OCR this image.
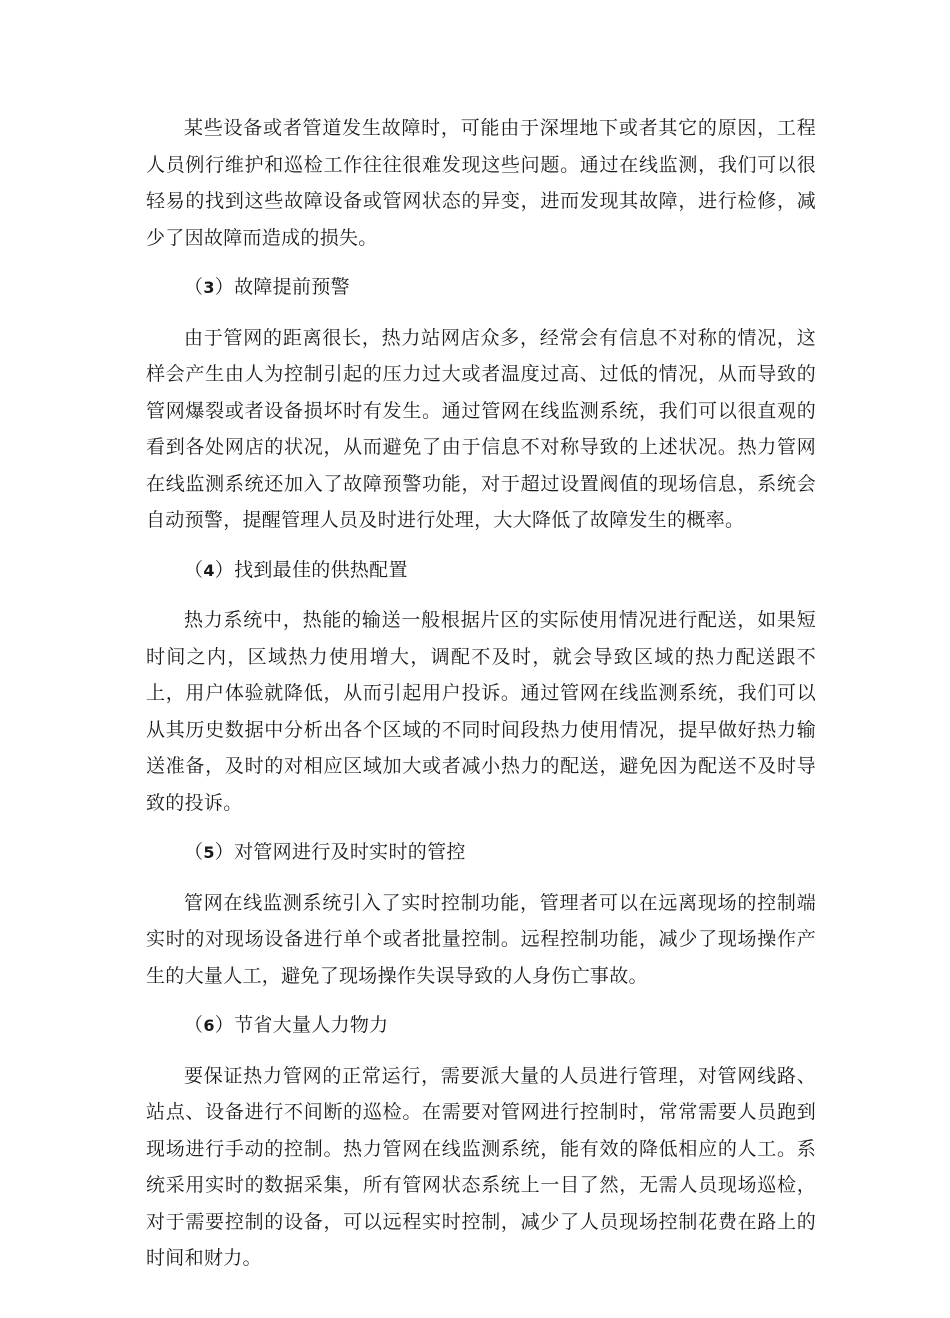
某些设备或者管道发生故障时，可能由于深埋地下或者其它的原因，工程人员例行维护和巡检工作往往很难发现这些问题。通过在线监测，我们可以很轻易的找到这些故障设备或管网状态的异变，进而发现其故障，进行检修，减少了因故障而造成的损失。

（3）故障提前预警

由于管网的距离很长，热力站网店众多，经常会有信息不对称的情况，这样会产生由人为控制引起的压力过大或者温度过高、过低的情况，从而导致的管网爆裂或者设备损坏时有发生。通过管网在线监测系统，我们可以很直观的看到各处网店的状况，从而避免了由于信息不对称导致的上述状况。热力管网在线监测系统还加入了故障预警功能，对于超过设置阀值的现场信息，系统会自动预警，提醒管理人员及时进行处理，大大降低了故障发生的概率。

（4）找到最佳的供热配置

热力系统中，热能的输送一般根据片区的实际使用情况进行配送，如果短时间之内，区域热力使用增大，调配不及时，就会导致区域的热力配送跟不上，用户体验就降低，从而引起用户投诉。通过管网在线监测系统，我们可以从其历史数据中分析出各个区域的不同时间段热力使用情况，提早做好热力输送准备，及时的对相应区域加大或者减小热力的配送，避免因为配送不及时导致的投诉。

（5）对管网进行及时实时的管控

管网在线监测系统引入了实时控制功能，管理者可以在远离现场的控制端实时的对现场设备进行单个或者批量控制。远程控制功能，减少了现场操作产生的大量人工，避免了现场操作失误导致的人身伤亡事故。

（6）节省大量人力物力

要保证热力管网的正常运行，需要派大量的人员进行管理，对管网线路、站点、设备进行不间断的巡检。在需要对管网进行控制时，常常需要人员跑到现场进行手动的控制。热力管网在线监测系统，能有效的降低相应的人工。系统采用实时的数据采集，所有管网状态系统上一目了然，无需人员现场巡检，对于需要控制的设备，可以远程实时控制，减少了人员现场控制花费在路上的时间和财力。
